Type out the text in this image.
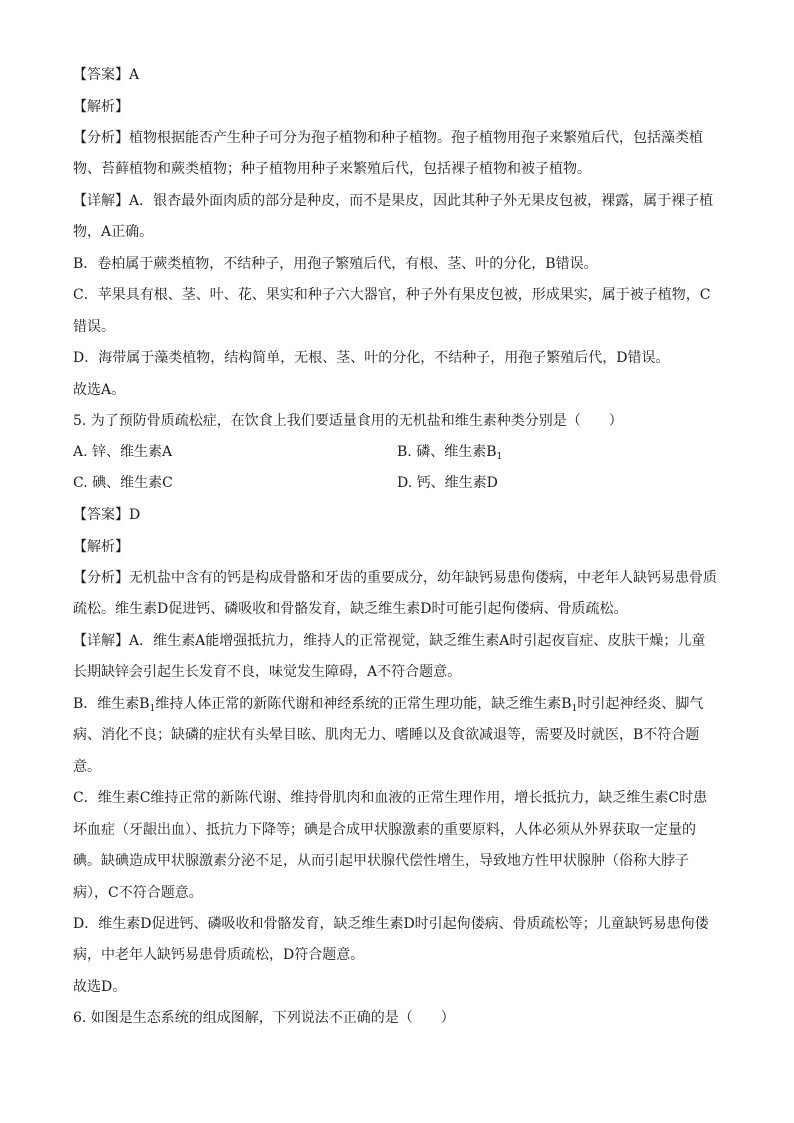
【答案】A
【解析】
【分析】植物根据能否产生种子可分为孢子植物和种子植物。孢子植物用孢子来繁殖后代，包括藻类植
物、苔藓植物和蕨类植物；种子植物用种子来繁殖后代，包括裸子植物和被子植物。
【详解】A．银杏最外面肉质的部分是种皮，而不是果皮，因此其种子外无果皮包被，裸露，属于裸子植
物，A正确。
B．卷柏属于蕨类植物，不结种子，用孢子繁殖后代，有根、茎、叶的分化，B错误。
C．苹果具有根、茎、叶、花、果实和种子六大器官，种子外有果皮包被，形成果实，属于被子植物，C
错误。
D．海带属于藻类植物，结构简单，无根、茎、叶的分化，不结种子，用孢子繁殖后代，D错误。
故选A。
5. 为了预防骨质疏松症，在饮食上我们要适量食用的无机盐和维生素种类分别是（　　）
A. 锌、维生素A	B. 磷、维生素$B_1$
C. 碘、维生素C	D. 钙、维生素D
【答案】D
【解析】
【分析】无机盐中含有的钙是构成骨骼和牙齿的重要成分，幼年缺钙易患佝偻病，中老年人缺钙易患骨质
疏松。维生素D促进钙、磷吸收和骨骼发育，缺乏维生素D时可能引起佝偻病、骨质疏松。
【详解】A．维生素A能增强抵抗力，维持人的正常视觉，缺乏维生素A时引起夜盲症、皮肤干燥；儿童
长期缺锌会引起生长发育不良，味觉发生障碍，A不符合题意。
B．维生素$B_1$维持人体正常的新陈代谢和神经系统的正常生理功能，缺乏维生素$B_1$时引起神经炎、脚气
病、消化不良；缺磷的症状有头晕目眩、肌肉无力、嗜睡以及食欲减退等，需要及时就医，B不符合题
意。
C．维生素C维持正常的新陈代谢、维持骨肌肉和血液的正常生理作用，增长抵抗力，缺乏维生素C时患
坏血症（牙龈出血）、抵抗力下降等；碘是合成甲状腺激素的重要原料，人体必须从外界获取一定量的
碘。缺碘造成甲状腺激素分泌不足，从而引起甲状腺代偿性增生，导致地方性甲状腺肿（俗称大脖子
病），C不符合题意。
D．维生素D促进钙、磷吸收和骨骼发育，缺乏维生素D时引起佝偻病、骨质疏松等；儿童缺钙易患佝偻
病，中老年人缺钙易患骨质疏松，D符合题意。
故选D。
6. 如图是生态系统的组成图解，下列说法不正确的是（　　）
